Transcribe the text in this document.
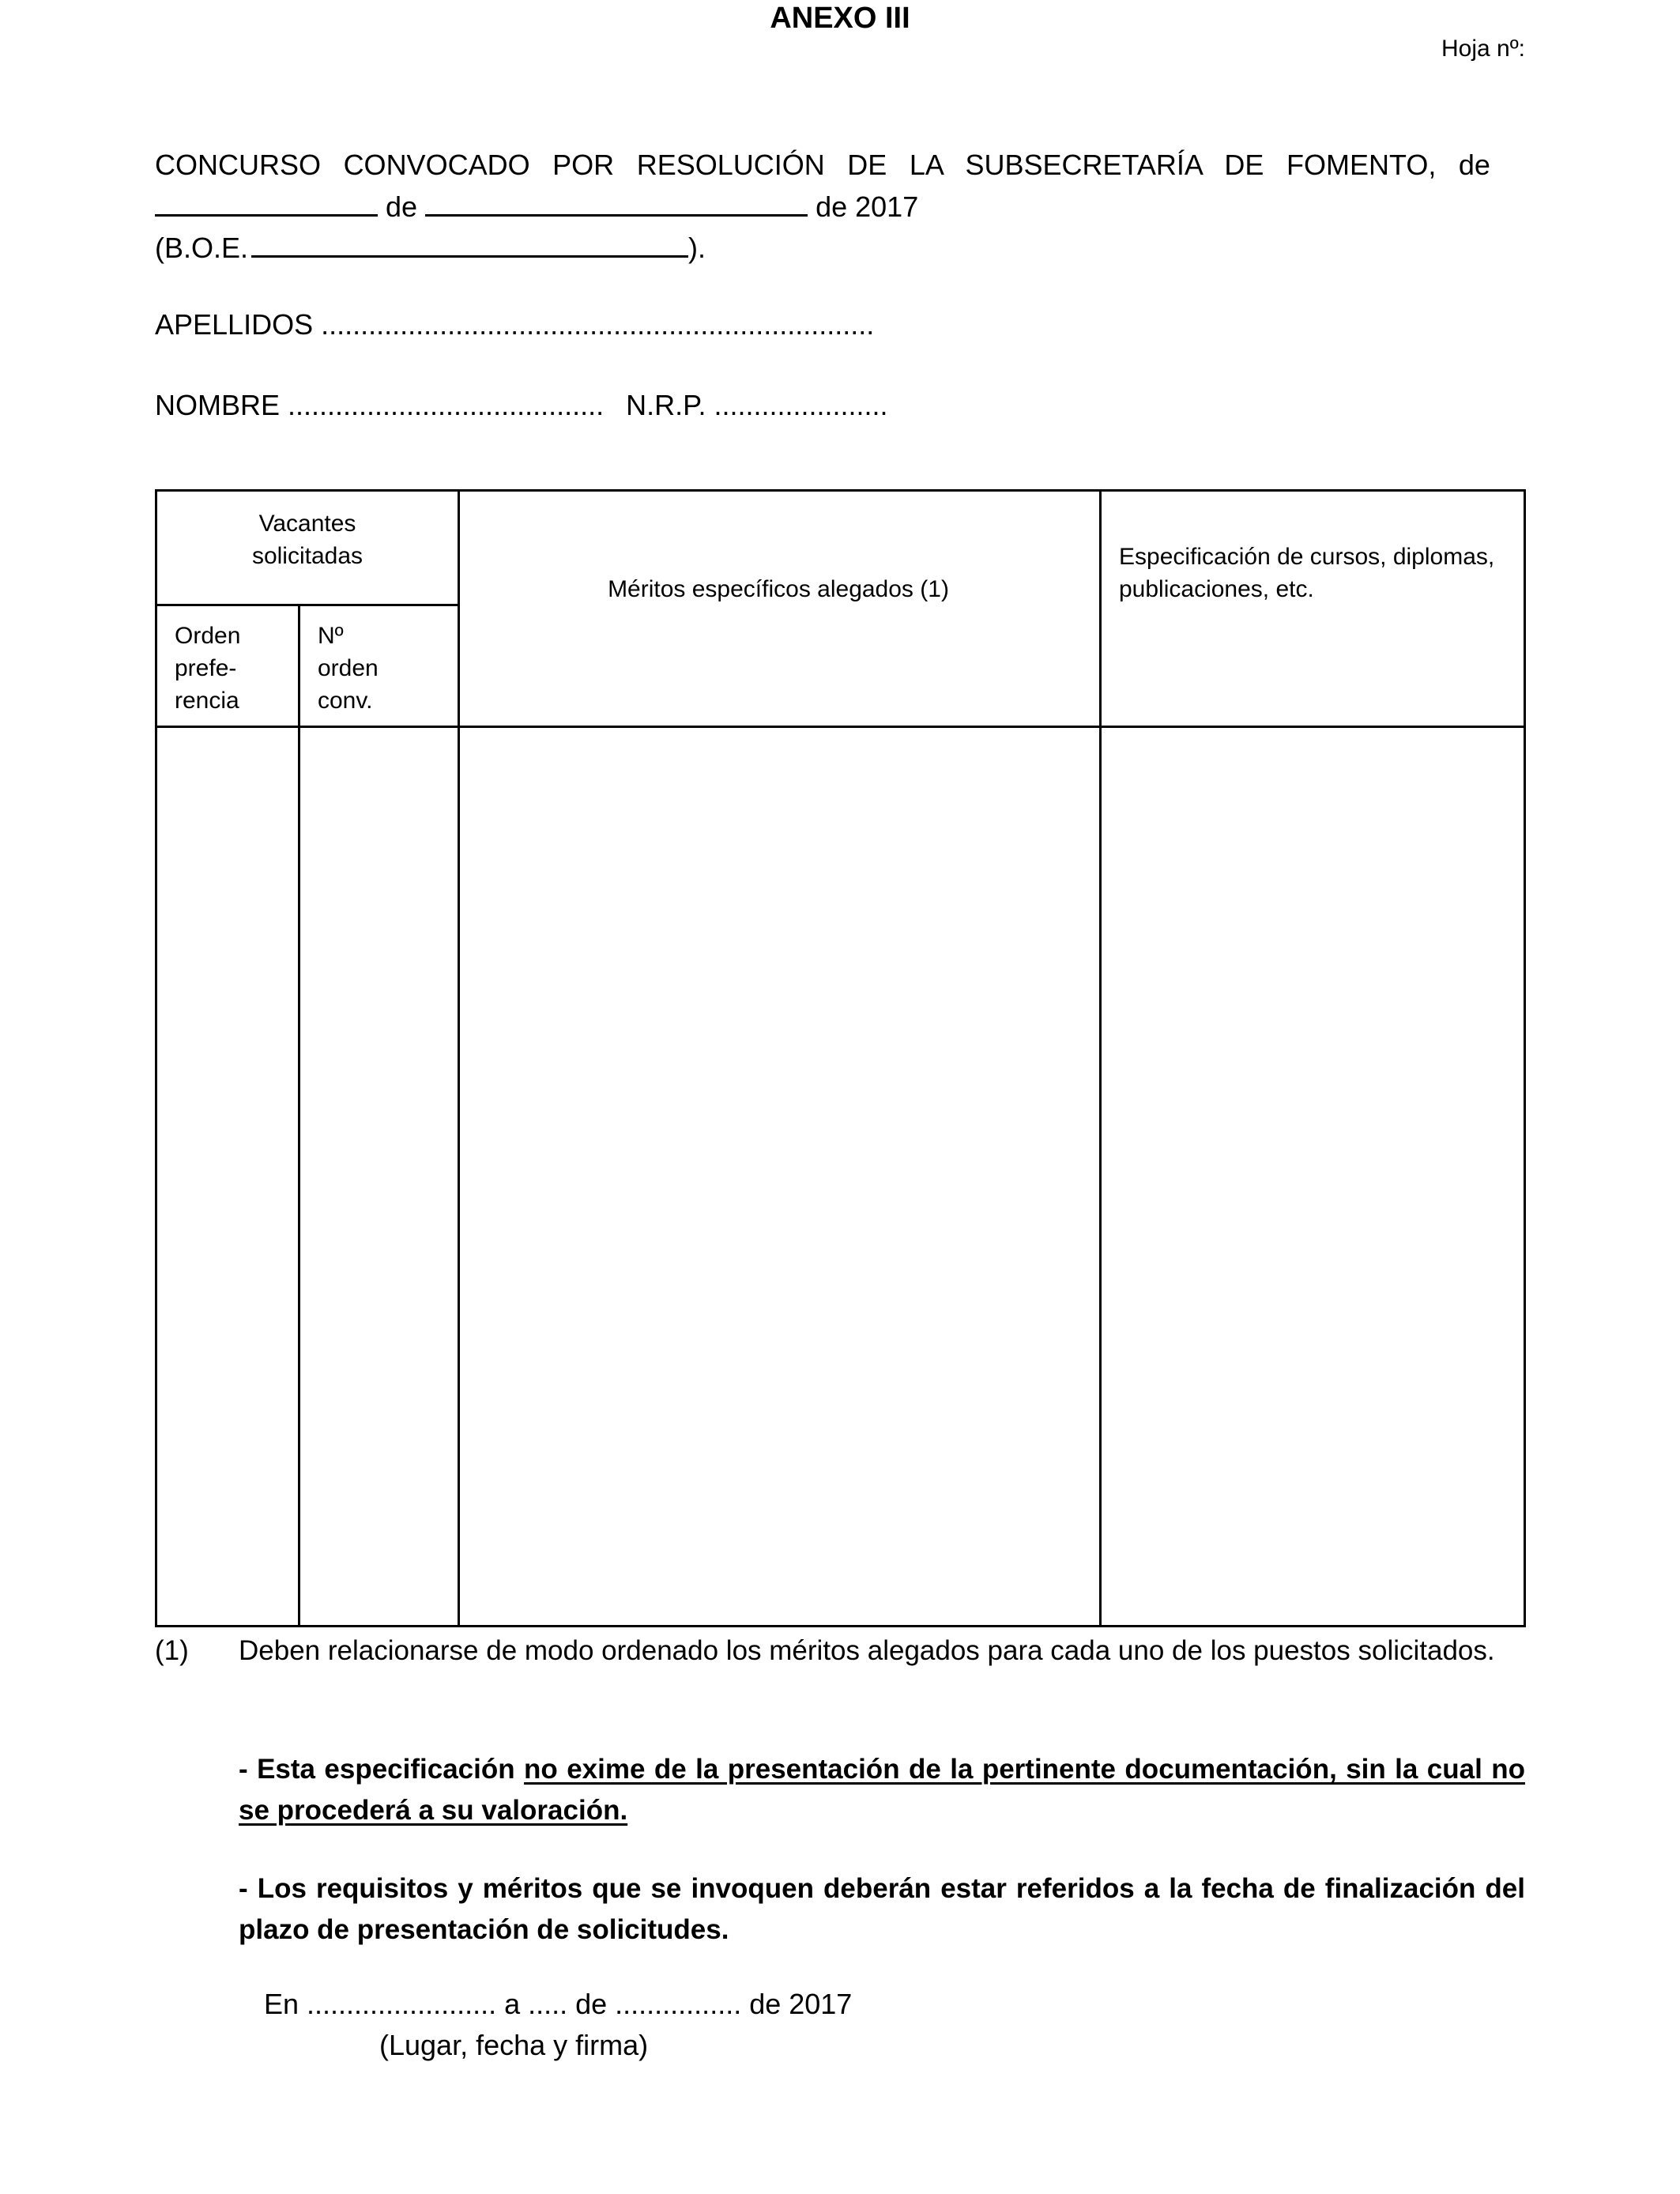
ANEXO III
Hoja nº:
CONCURSO CONVOCADO POR RESOLUCIÓN DE LA SUBSECRETARÍA DE FOMENTO, de
de	de 2017
(B.O.E.	).
APELLIDOS ......................................................................
NOMBRE ........................................ N.R.P. ......................
Vacantes
solicitadas
Orden
prefe-
rencia
Nº
orden
conv.
Méritos específicos alegados (1)
Especificación de cursos, diplomas,
publicaciones, etc.
(1) Deben relacionarse de modo ordenado los méritos alegados para cada uno de los puestos solicitados.
- Esta especificación no exime de la presentación de la pertinente documentación, sin la cual no se procederá a su valoración.
- Los requisitos y méritos que se invoquen deberán estar referidos a la fecha de finalización del plazo de presentación de solicitudes.
En ........................ a ..... de ................ de 2017
(Lugar, fecha y firma)
